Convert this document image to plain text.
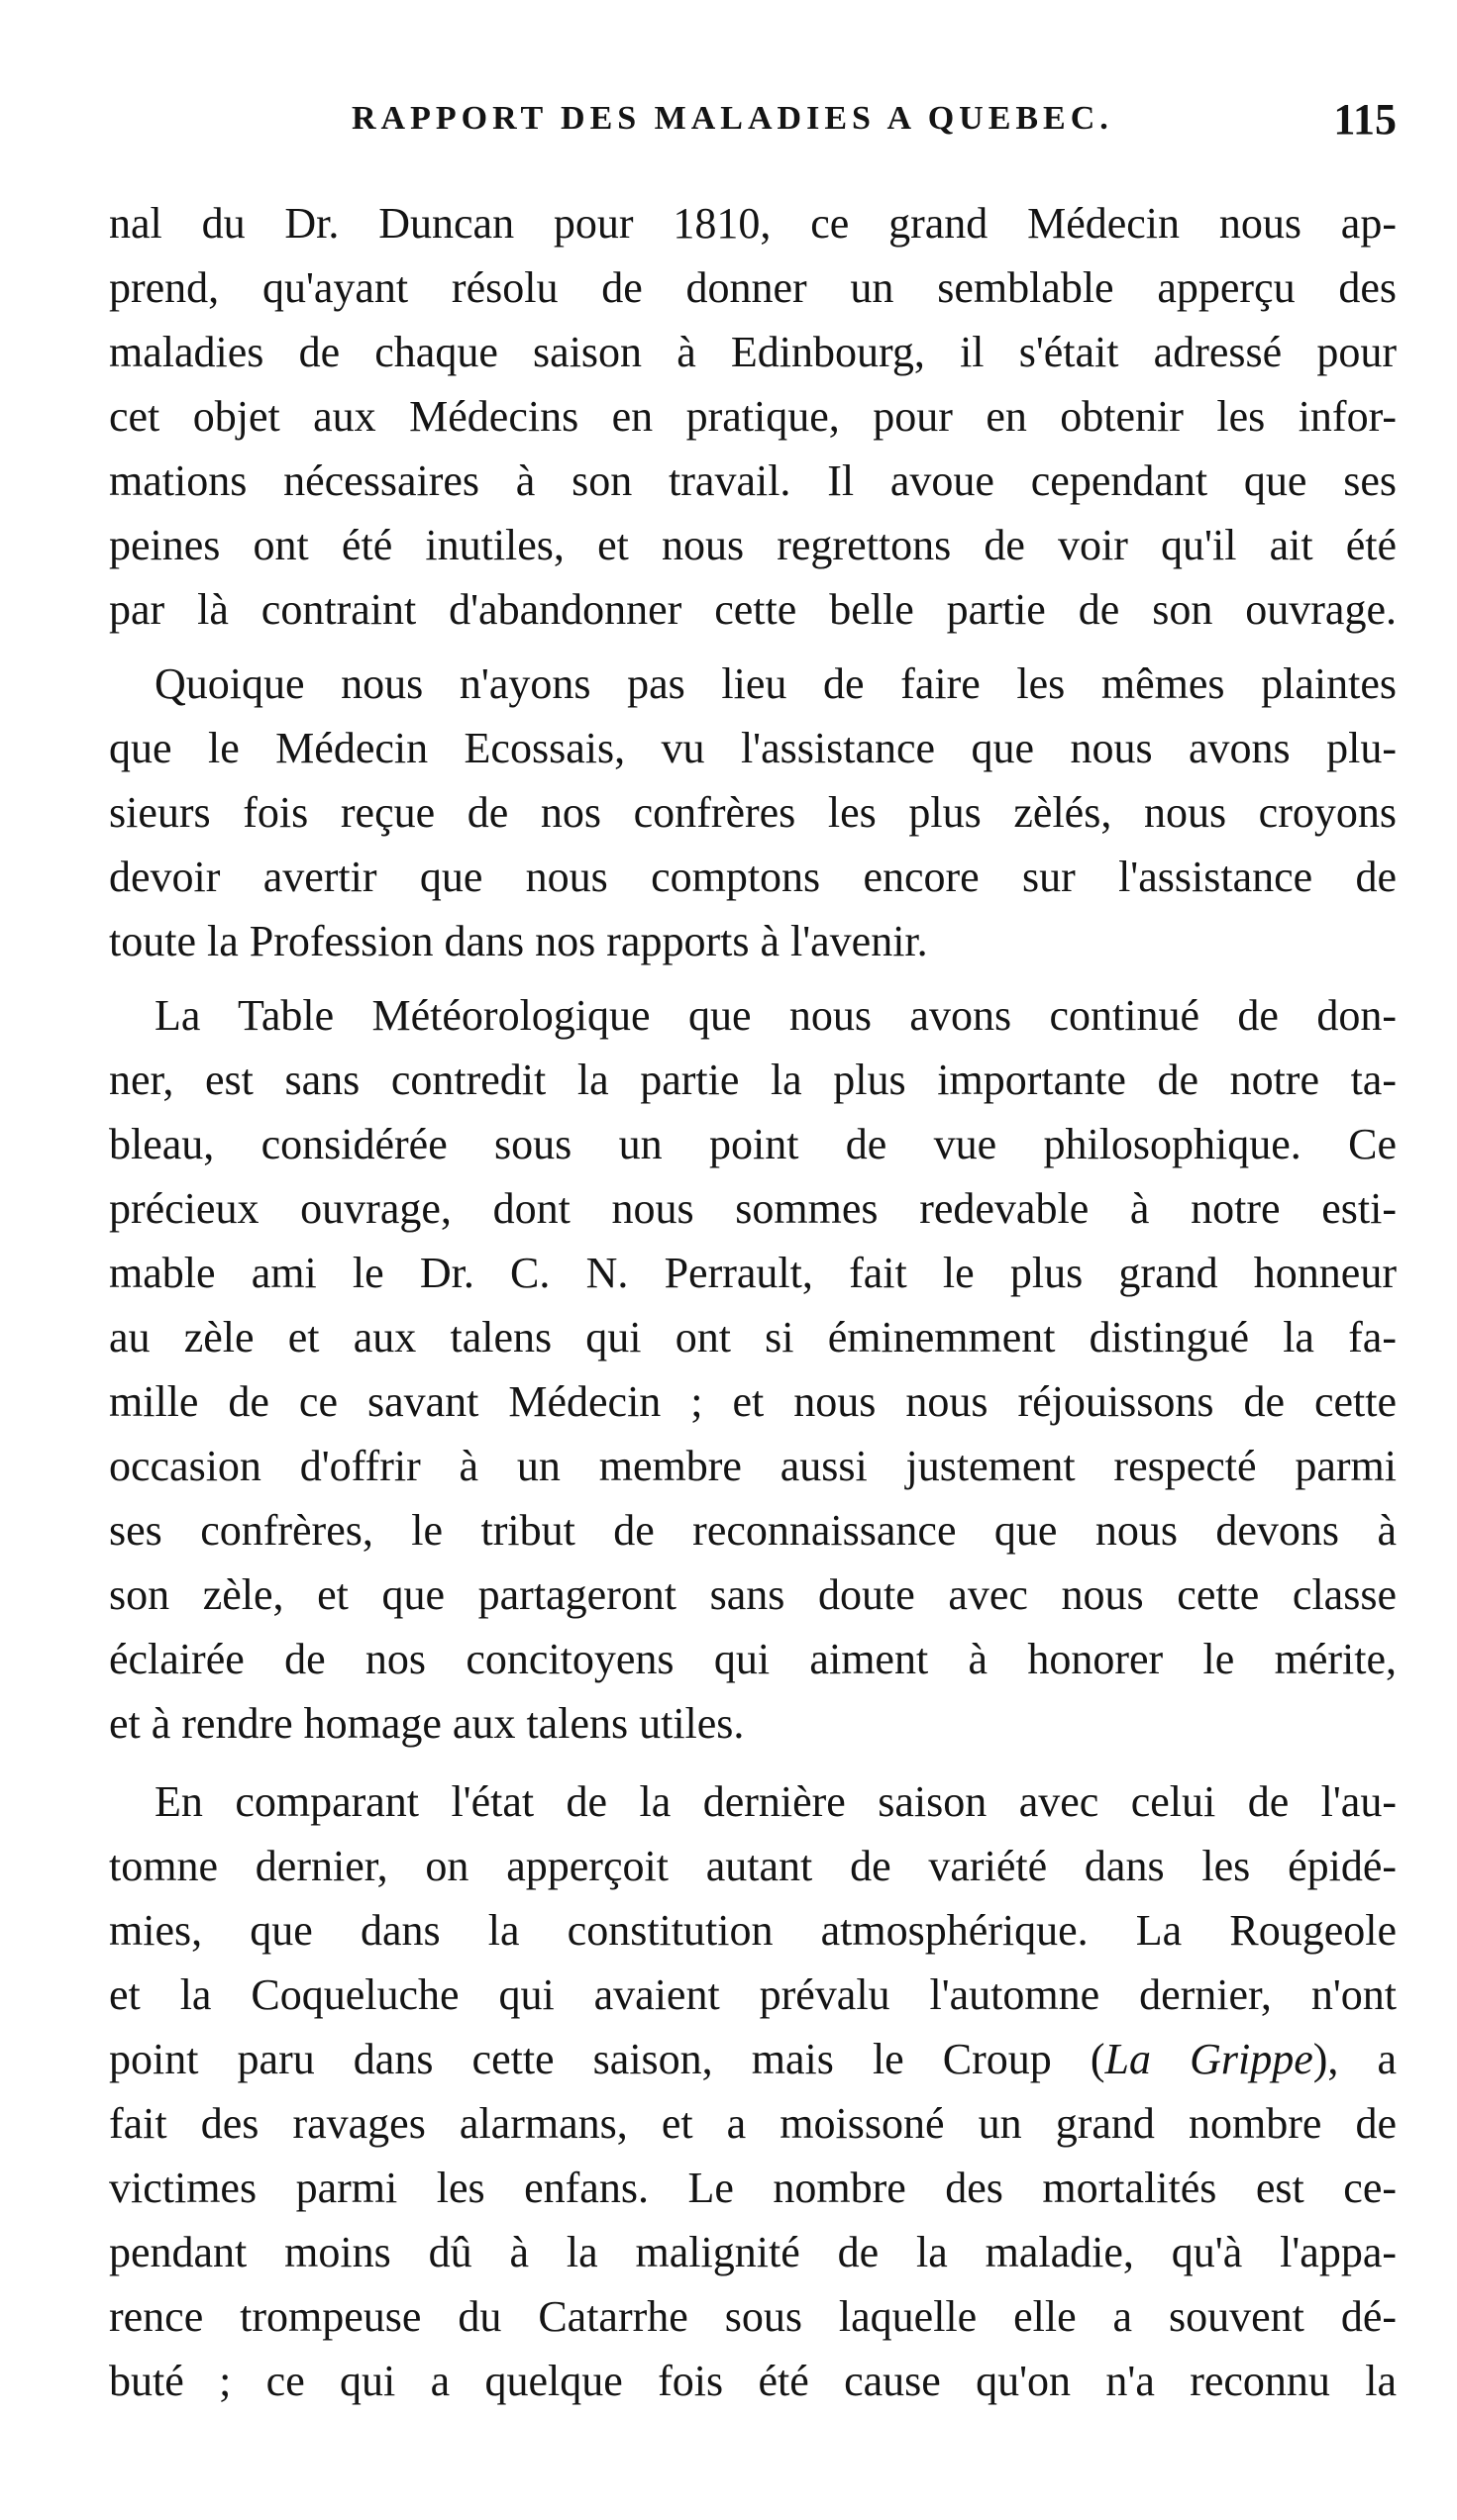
RAPPORT DES MALADIES A QUEBEC.	115
nal du Dr. Duncan pour 1810, ce grand Médecin nous ap-
prend, qu'ayant résolu de donner un semblable apperçu des
maladies de chaque saison à Edinbourg, il s'était adressé pour
cet objet aux Médecins en pratique, pour en obtenir les infor-
mations nécessaires à son travail. Il avoue cependant que ses
peines ont été inutiles, et nous regrettons de voir qu'il ait été
par là contraint d'abandonner cette belle partie de son ouvrage.
Quoique nous n'ayons pas lieu de faire les mêmes plaintes
que le Médecin Ecossais, vu l'assistance que nous avons plu-
sieurs fois reçue de nos confrères les plus zèlés, nous croyons
devoir avertir que nous comptons encore sur l'assistance de
toute la Profession dans nos rapports à l'avenir.
La Table Météorologique que nous avons continué de don-
ner, est sans contredit la partie la plus importante de notre ta-
bleau, considérée sous un point de vue philosophique. Ce
précieux ouvrage, dont nous sommes redevable à notre esti-
mable ami le Dr. C. N. Perrault, fait le plus grand honneur
au zèle et aux talens qui ont si éminemment distingué la fa-
mille de ce savant Médecin ; et nous nous réjouissons de cette
occasion d'offrir à un membre aussi justement respecté parmi
ses confrères, le tribut de reconnaissance que nous devons à
son zèle, et que partageront sans doute avec nous cette classe
éclairée de nos concitoyens qui aiment à honorer le mérite,
et à rendre homage aux talens utiles.
En comparant l'état de la dernière saison avec celui de l'au-
tomne dernier, on apperçoit autant de variété dans les épidé-
mies, que dans la constitution atmosphérique. La Rougeole
et la Coqueluche qui avaient prévalu l'automne dernier, n'ont
point paru dans cette saison, mais le Croup (La Grippe), a
fait des ravages alarmans, et a moissoné un grand nombre de
victimes parmi les enfans. Le nombre des mortalités est ce-
pendant moins dû à la malignité de la maladie, qu'à l'appa-
rence trompeuse du Catarrhe sous laquelle elle a souvent dé-
buté ; ce qui a quelque fois été cause qu'on n'a reconnu la
